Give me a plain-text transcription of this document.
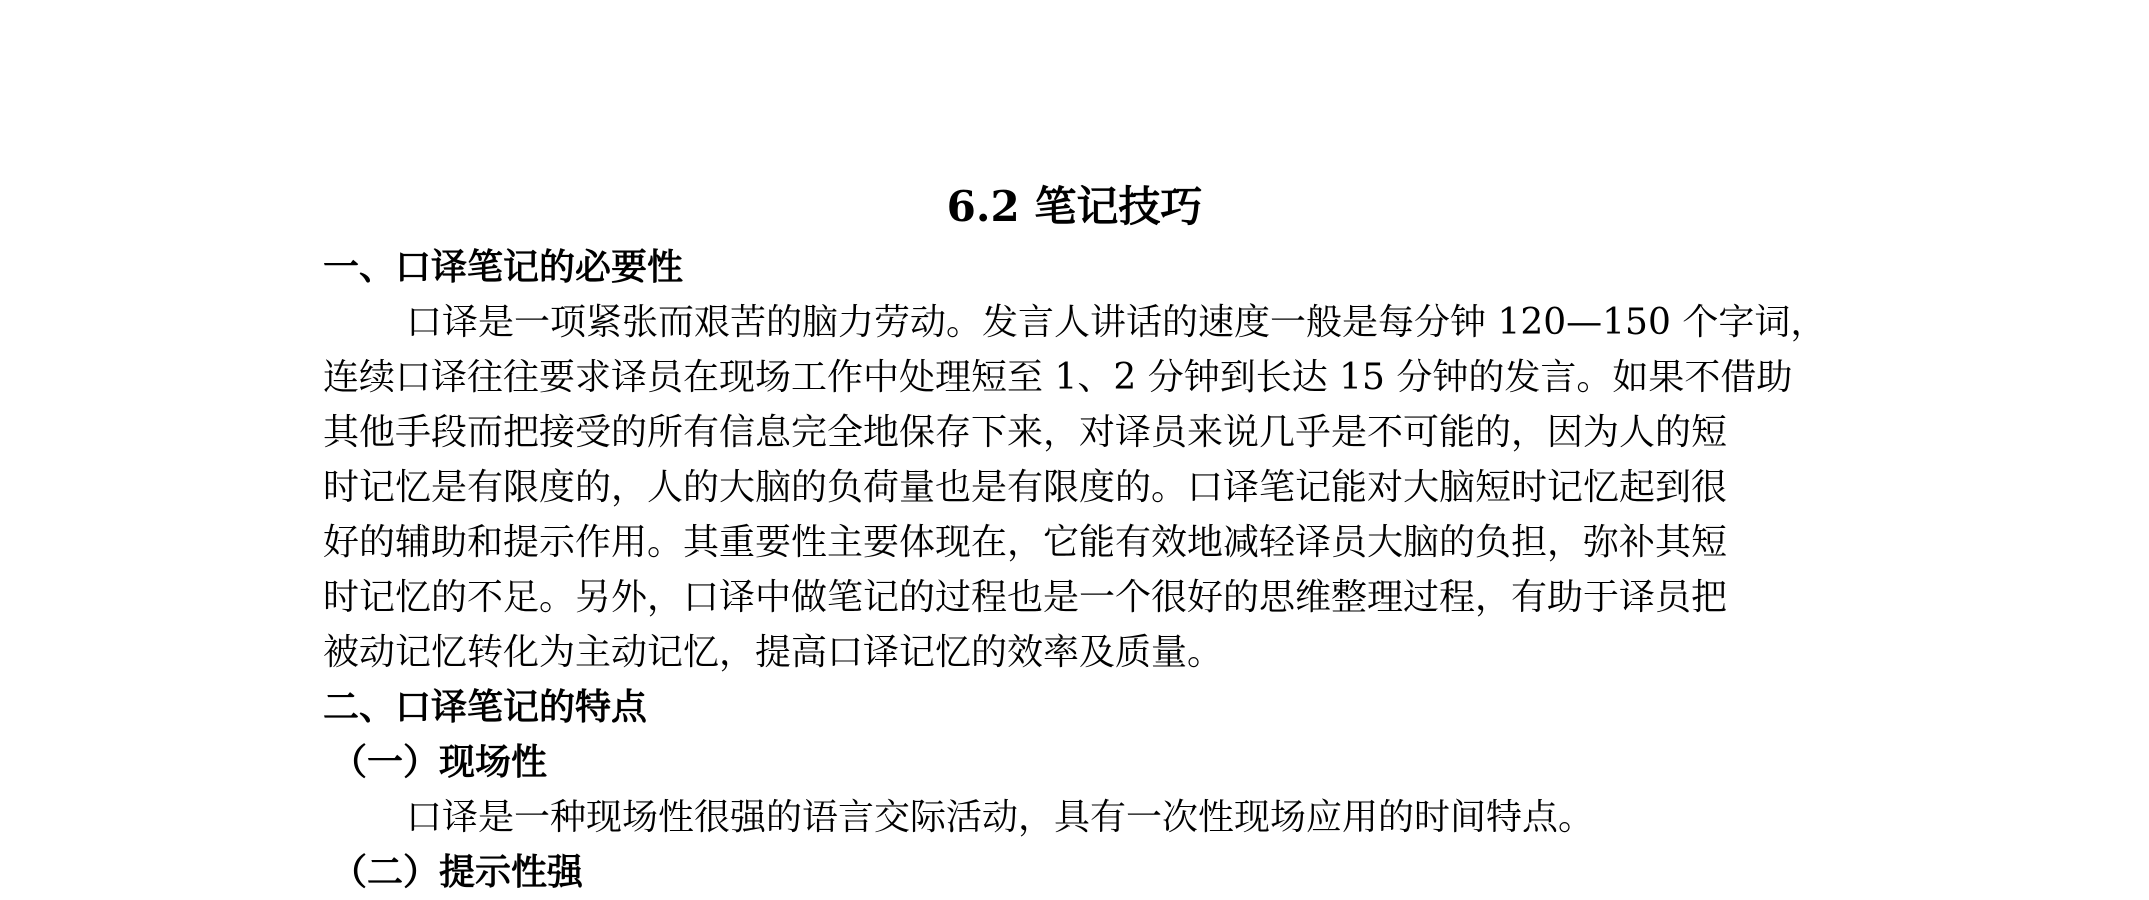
6.2 笔记技巧
一、口译笔记的必要性
口译是一项紧张而艰苦的脑力劳动。发言人讲话的速度一般是每分钟 120—150 个字词，
连续口译往往要求译员在现场工作中处理短至 1、2 分钟到长达 15 分钟的发言。如果不借助
其他手段而把接受的所有信息完全地保存下来，对译员来说几乎是不可能的，因为人的短
时记忆是有限度的，人的大脑的负荷量也是有限度的。口译笔记能对大脑短时记忆起到很
好的辅助和提示作用。其重要性主要体现在，它能有效地减轻译员大脑的负担，弥补其短
时记忆的不足。另外，口译中做笔记的过程也是一个很好的思维整理过程，有助于译员把
被动记忆转化为主动记忆，提高口译记忆的效率及质量。
二、口译笔记的特点
（一）现场性
口译是一种现场性很强的语言交际活动，具有一次性现场应用的时间特点。
（二）提示性强
